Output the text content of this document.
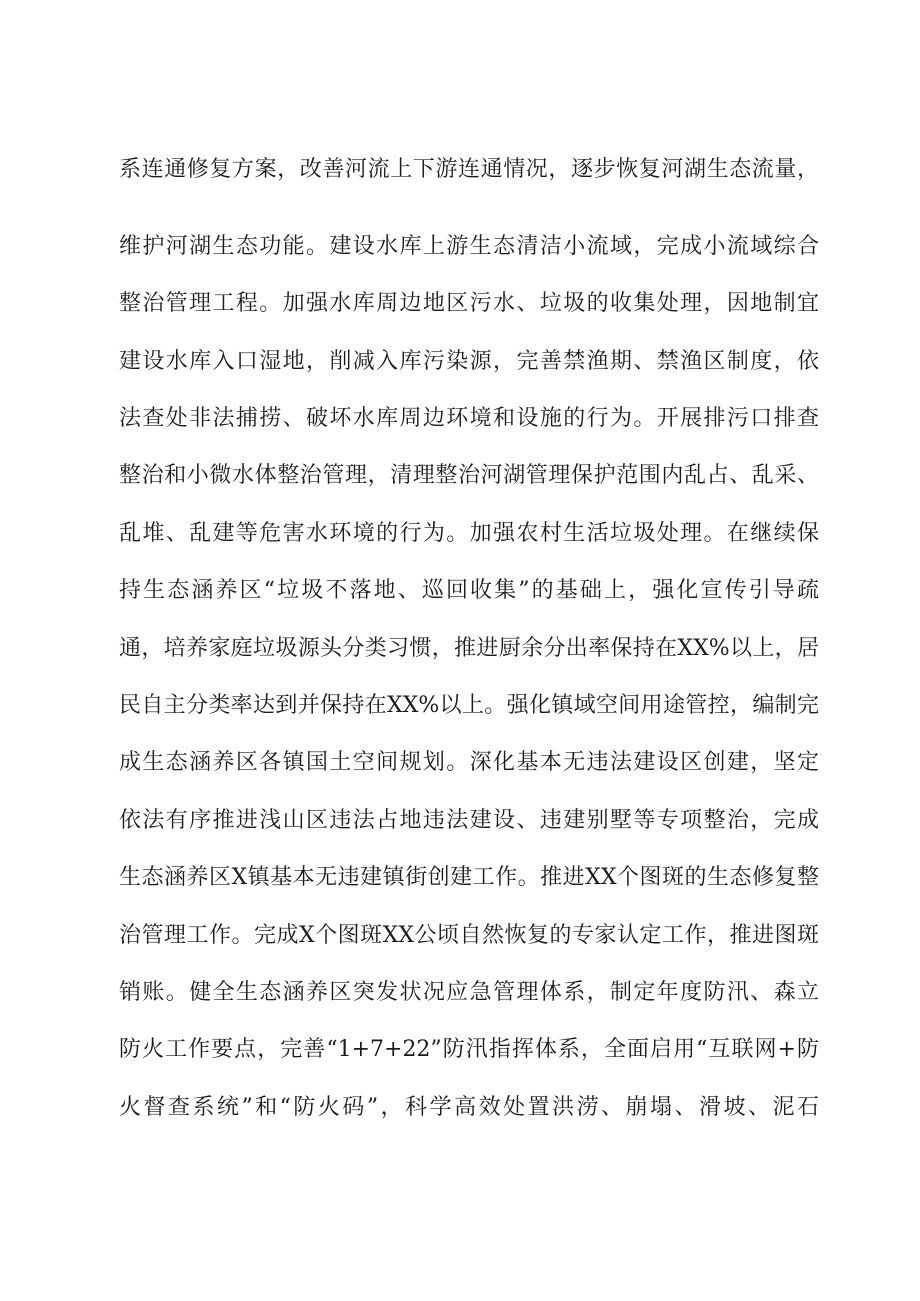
系连通修复方案，改善河流上下游连通情况，逐步恢复河湖生态流量，
维护河湖生态功能。建设水库上游生态清洁小流域，完成小流域综合
整治管理工程。加强水库周边地区污水、垃圾的收集处理，因地制宜
建设水库入口湿地，削减入库污染源，完善禁渔期、禁渔区制度，依
法查处非法捕捞、破坏水库周边环境和设施的行为。开展排污口排查
整治和小微水体整治管理，清理整治河湖管理保护范围内乱占、乱采、
乱堆、乱建等危害水环境的行为。加强农村生活垃圾处理。在继续保
持生态涵养区“垃圾不落地、巡回收集”的基础上，强化宣传引导疏
通，培养家庭垃圾源头分类习惯，推进厨余分出率保持在XX%以上，居
民自主分类率达到并保持在XX%以上。强化镇域空间用途管控，编制完
成生态涵养区各镇国土空间规划。深化基本无违法建设区创建，坚定
依法有序推进浅山区违法占地违法建设、违建别墅等专项整治，完成
生态涵养区X镇基本无违建镇街创建工作。推进XX个图斑的生态修复整
治管理工作。完成X个图斑XX公顷自然恢复的专家认定工作，推进图斑
销账。健全生态涵养区突发状况应急管理体系，制定年度防汛、森立
防火工作要点，完善“1+7+22”防汛指挥体系，全面启用“互联网+防
火督查系统”和“防火码”，科学高效处置洪涝、崩塌、滑坡、泥石
